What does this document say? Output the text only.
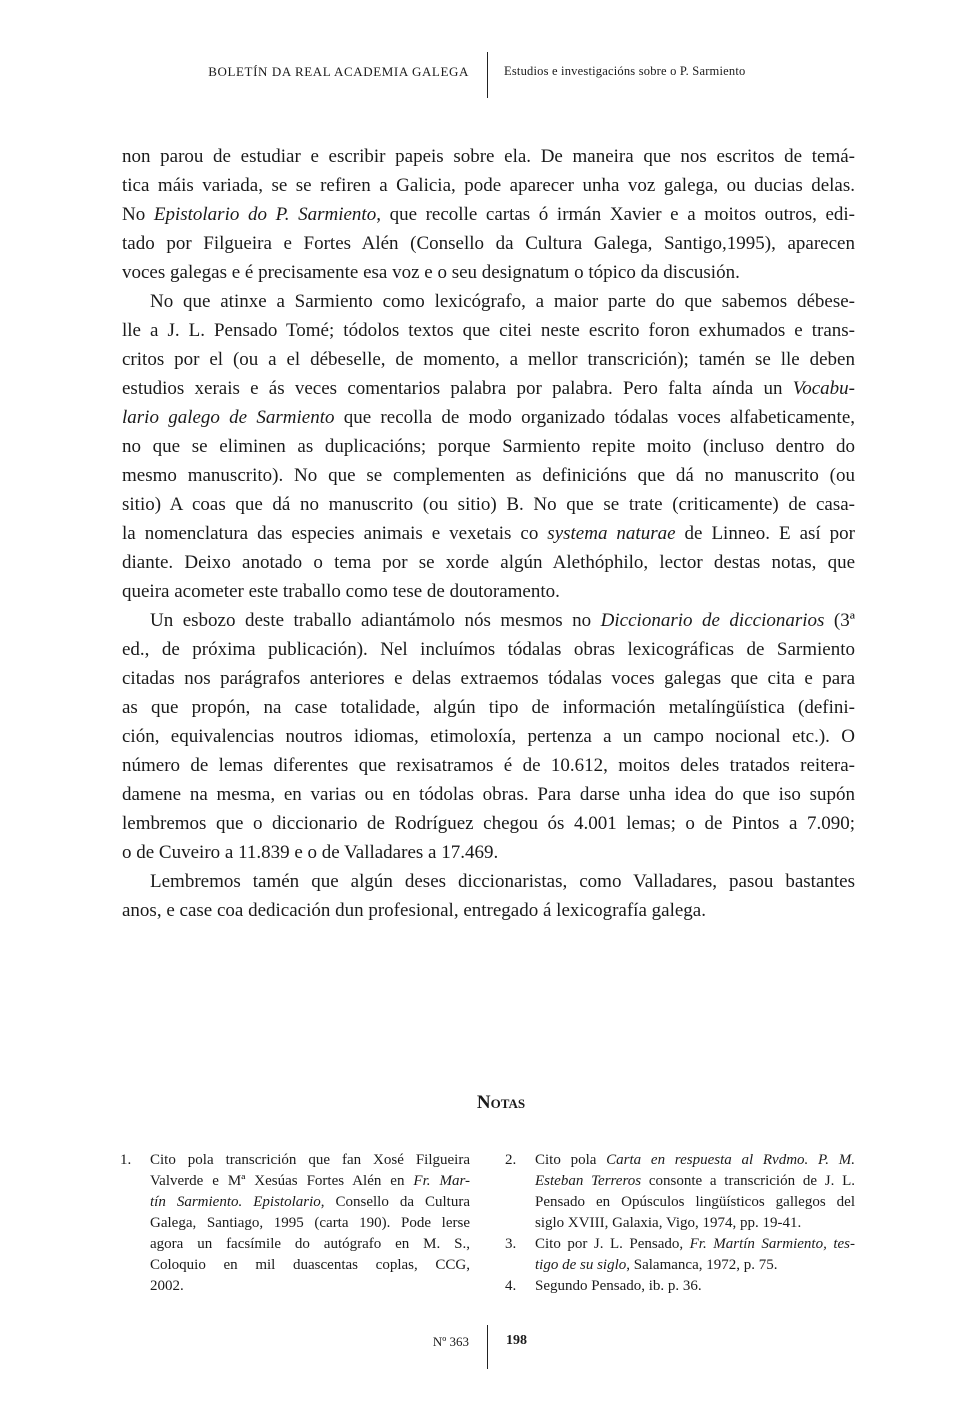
BOLETÍN DA REAL ACADEMIA GALEGA	Estudios e investigacións sobre o P. Sarmiento
non parou de estudiar e escribir papeis sobre ela. De maneira que nos escritos de temá-
tica máis variada, se se refiren a Galicia, pode aparecer unha voz galega, ou ducias delas.
No Epistolario do P. Sarmiento, que recolle cartas ó irmán Xavier e a moitos outros, edi-
tado por Filgueira e Fortes Alén (Consello da Cultura Galega, Santigo,1995), aparecen
voces galegas e é precisamente esa voz e o seu designatum o tópico da discusión.
No que atinxe a Sarmiento como lexicógrafo, a maior parte do que sabemos débese-
lle a J. L. Pensado Tomé; tódolos textos que citei neste escrito foron exhumados e trans-
critos por el (ou a el débeselle, de momento, a mellor transcrición); tamén se lle deben
estudios xerais e ás veces comentarios palabra por palabra. Pero falta aínda un Vocabu-
lario galego de Sarmiento que recolla de modo organizado tódalas voces alfabeticamente,
no que se eliminen as duplicacións; porque Sarmiento repite moito (incluso dentro do
mesmo manuscrito). No que se complementen as definicións que dá no manuscrito (ou
sitio) A coas que dá no manuscrito (ou sitio) B. No que se trate (criticamente) de casa-
la nomenclatura das especies animais e vexetais co systema naturae de Linneo. E así por
diante. Deixo anotado o tema por se xorde algún Alethóphilo, lector destas notas, que
queira acometer este traballo como tese de doutoramento.
Un esbozo deste traballo adiantámolo nós mesmos no Diccionario de diccionarios (3ª
ed., de próxima publicación). Nel incluímos tódalas obras lexicográficas de Sarmiento
citadas nos parágrafos anteriores e delas extraemos tódalas voces galegas que cita e para
as que propón, na case totalidade, algún tipo de información metalíngüística (defini-
ción, equivalencias noutros idiomas, etimoloxía, pertenza a un campo nocional etc.). O
número de lemas diferentes que rexisatramos é de 10.612, moitos deles tratados reitera-
damene na mesma, en varias ou en tódolas obras. Para darse unha idea do que iso supón
lembremos que o diccionario de Rodríguez chegou ós 4.001 lemas; o de Pintos a 7.090;
o de Cuveiro a 11.839 e o de Valladares a 17.469.
Lembremos tamén que algún deses diccionaristas, como Valladares, pasou bastantes
anos, e case coa dedicación dun profesional, entregado á lexicografía galega.
Notas
1. Cito pola transcrición que fan Xosé Filgueira
Valverde e Mª Xesúas Fortes Alén en Fr. Mar-
tín Sarmiento. Epistolario, Consello da Cultura
Galega, Santiago, 1995 (carta 190). Pode lerse
agora un facsímile do autógrafo en M. S.,
Coloquio en mil duascentas coplas, CCG,
2002.
2. Cito pola Carta en respuesta al Rvdmo. P. M.
Esteban Terreros consonte a transcrición de J. L.
Pensado en Opúsculos lingüísticos gallegos del
siglo XVIII, Galaxia, Vigo, 1974, pp. 19-41.
3. Cito por J. L. Pensado, Fr. Martín Sarmiento, tes-
tigo de su siglo, Salamanca, 1972, p. 75.
4. Segundo Pensado, ib. p. 36.
Nº 363	198
